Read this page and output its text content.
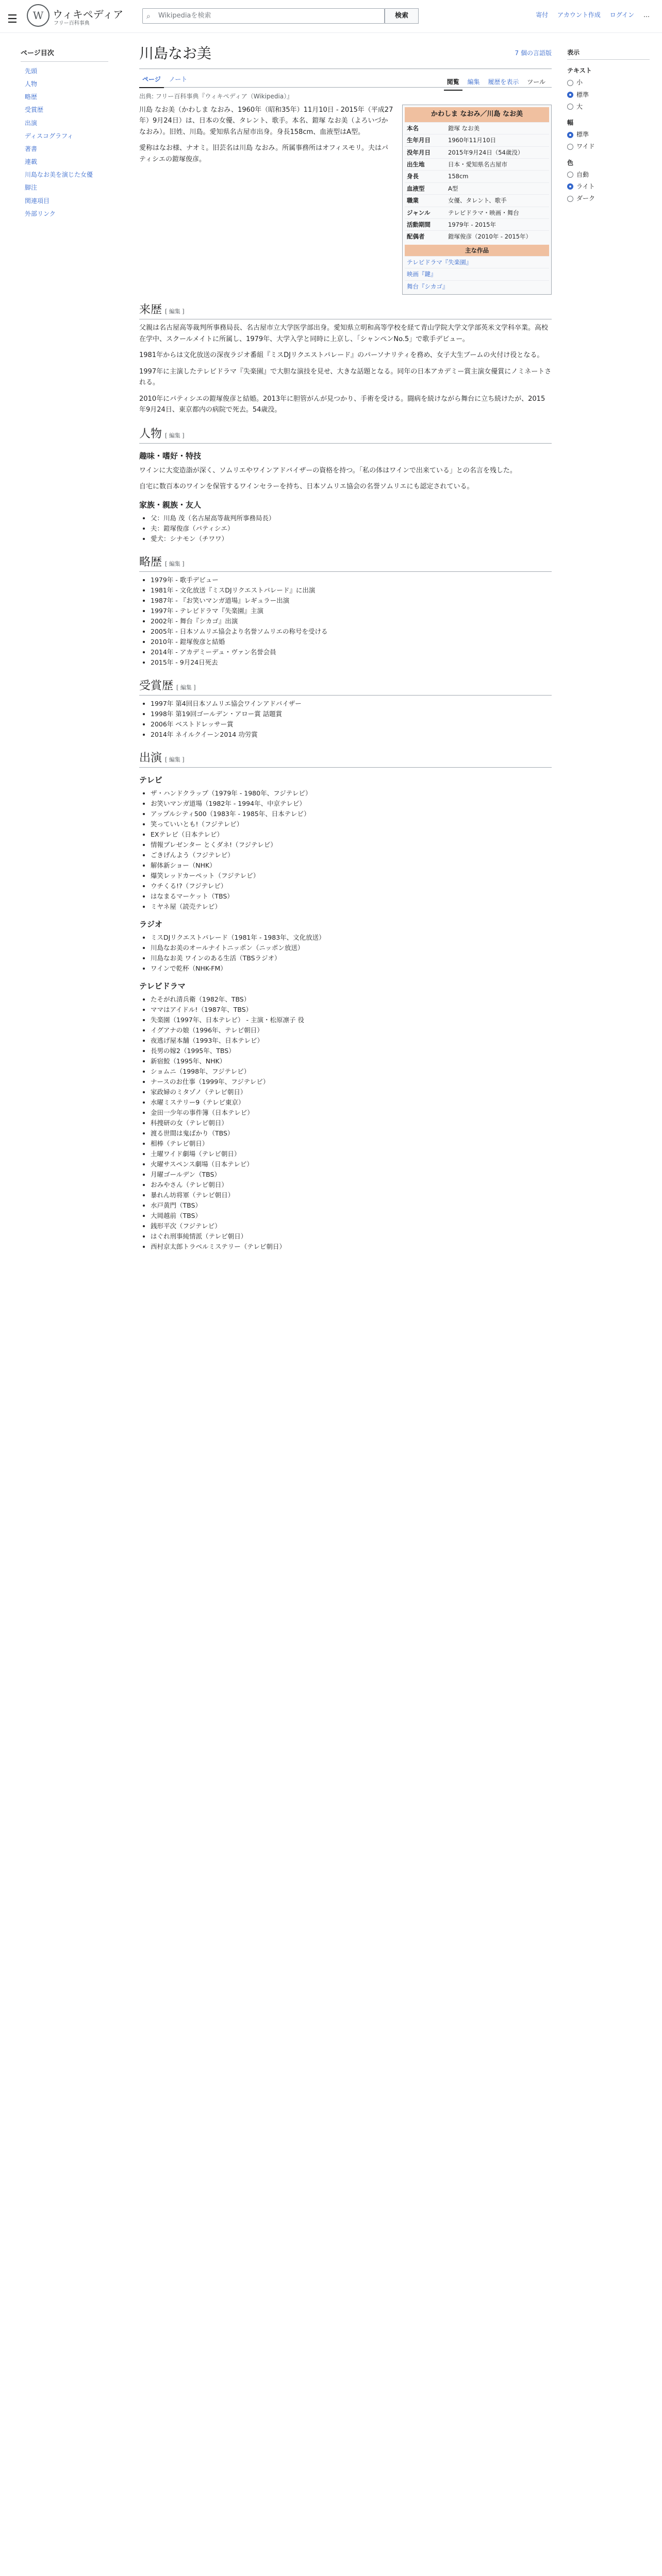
☰	W ウィキペディア
フリー百科事典
⌕	Wikipediaを検索	検索	寄付 アカウント作成 ログイン …
ページ目次
先頭
人物
略歴
受賞歴
出演
ディスコグラフィ
著書
連載
川島なお美を演じた女優
脚注
関連項目
外部リンク
川島なお美	7 個の言語版
ページ ノート	閲覧 編集 履歴を表示 ツール
出典: フリー百科事典『ウィキペディア（Wikipedia）』
かわしま なおみ／川島 なお美
本名	鎧塚 なお美
生年月日	1960年11月10日
没年月日	2015年9月24日（54歳没）
出生地	日本・愛知県名古屋市
身長	158cm
血液型	A型
職業	女優、タレント、歌手
ジャンル	テレビドラマ・映画・舞台
活動期間	1979年 - 2015年
配偶者	鎧塚俊彦（2010年 - 2015年）
主な作品
テレビドラマ『失楽園』
映画『鍵』
舞台『シカゴ』

川島 なお美（かわしま なおみ、1960年（昭和35年）11月10日 - 2015年（平成27年）9月24日）は、日本の女優、タレント、歌手。本名、鎧塚 なお美（よろいづか なおみ）。旧姓、川島。愛知県名古屋市出身。身長158cm、血液型はA型。

愛称はなお様、ナオミ。旧芸名は川島 なおみ。所属事務所はオフィスモリ。夫はパティシエの鎧塚俊彦。

来歴 [ 編集 ]

父親は名古屋高等裁判所事務局長、名古屋市立大学医学部出身。愛知県立明和高等学校を経て青山学院大学文学部英米文学科卒業。高校在学中、スクールメイトに所属し、1979年、大学入学と同時に上京し、「シャンペンNo.5」で歌手デビュー。

1981年からは文化放送の深夜ラジオ番組『ミスDJリクエストパレード』のパーソナリティを務め、女子大生ブームの火付け役となる。

1997年に主演したテレビドラマ『失楽園』で大胆な演技を見せ、大きな話題となる。同年の日本アカデミー賞主演女優賞にノミネートされる。

2010年にパティシエの鎧塚俊彦と結婚。2013年に胆管がんが見つかり、手術を受ける。闘病を続けながら舞台に立ち続けたが、2015年9月24日、東京都内の病院で死去。54歳没。

人物 [ 編集 ]
趣味・嗜好・特技

ワインに大変造詣が深く、ソムリエやワインアドバイザーの資格を持つ。「私の体はワインで出来ている」との名言を残した。

自宅に数百本のワインを保管するワインセラーを持ち、日本ソムリエ協会の名誉ソムリエにも認定されている。

家族・親族・友人
• 父：川島 茂（名古屋高等裁判所事務局長）
• 夫：鎧塚俊彦（パティシエ）
• 愛犬：シナモン（チワワ）
略歴 [ 編集 ]
• 1979年 - 歌手デビュー
• 1981年 - 文化放送『ミスDJリクエストパレード』に出演
• 1987年 - 『お笑いマンガ道場』レギュラー出演
• 1997年 - テレビドラマ『失楽園』主演
• 2002年 - 舞台『シカゴ』出演
• 2005年 - 日本ソムリエ協会より名誉ソムリエの称号を受ける
• 2010年 - 鎧塚俊彦と結婚
• 2014年 - アカデミーデュ・ヴァン名誉会員
• 2015年 - 9月24日死去
受賞歴 [ 編集 ]
• 1997年 第4回日本ソムリエ協会ワインアドバイザー
• 1998年 第19回ゴールデン・アロー賞 話題賞
• 2006年 ベストドレッサー賞
• 2014年 ネイルクイーン2014 功労賞
出演 [ 編集 ]
テレビ
• ザ・ハンドクラップ（1979年 - 1980年、フジテレビ）
• お笑いマンガ道場（1982年 - 1994年、中京テレビ）
• アップルシティ500（1983年 - 1985年、日本テレビ）
• 笑っていいとも!（フジテレビ）
• EXテレビ（日本テレビ）
• 情報プレゼンター とくダネ!（フジテレビ）
• ごきげんよう（フジテレビ）
• 解体新ショー（NHK）
• 爆笑レッドカーペット（フジテレビ）
• ウチくる!?（フジテレビ）
• はなまるマーケット（TBS）
• ミヤネ屋（読売テレビ）
ラジオ
• ミスDJリクエストパレード（1981年 - 1983年、文化放送）
• 川島なお美のオールナイトニッポン（ニッポン放送）
• 川島なお美 ワインのある生活（TBSラジオ）
• ワインで乾杯（NHK-FM）
テレビドラマ
• たそがれ清兵衛（1982年、TBS）
• ママはアイドル!（1987年、TBS）
• 失楽園（1997年、日本テレビ） - 主演・松原凛子 役
• イグアナの娘（1996年、テレビ朝日）
• 夜逃げ屋本舗（1993年、日本テレビ）
• 長男の嫁2（1995年、TBS）
• 新宿鮫（1995年、NHK）
• ショムニ（1998年、フジテレビ）
• ナースのお仕事（1999年、フジテレビ）
• 家政婦のミタゾノ（テレビ朝日）
• 水曜ミステリー9（テレビ東京）
• 金田一少年の事件簿（日本テレビ）
• 科捜研の女（テレビ朝日）
• 渡る世間は鬼ばかり（TBS）
• 相棒（テレビ朝日）
• 土曜ワイド劇場（テレビ朝日）
• 火曜サスペンス劇場（日本テレビ）
• 月曜ゴールデン（TBS）
• おみやさん（テレビ朝日）
• 暴れん坊将軍（テレビ朝日）
• 水戸黄門（TBS）
• 大岡越前（TBS）
• 銭形平次（フジテレビ）
• はぐれ刑事純情派（テレビ朝日）
• 西村京太郎トラベルミステリー（テレビ朝日）
表示
テキスト
小
標準
大
幅
標準
ワイド
色
自動
ライト
ダーク
